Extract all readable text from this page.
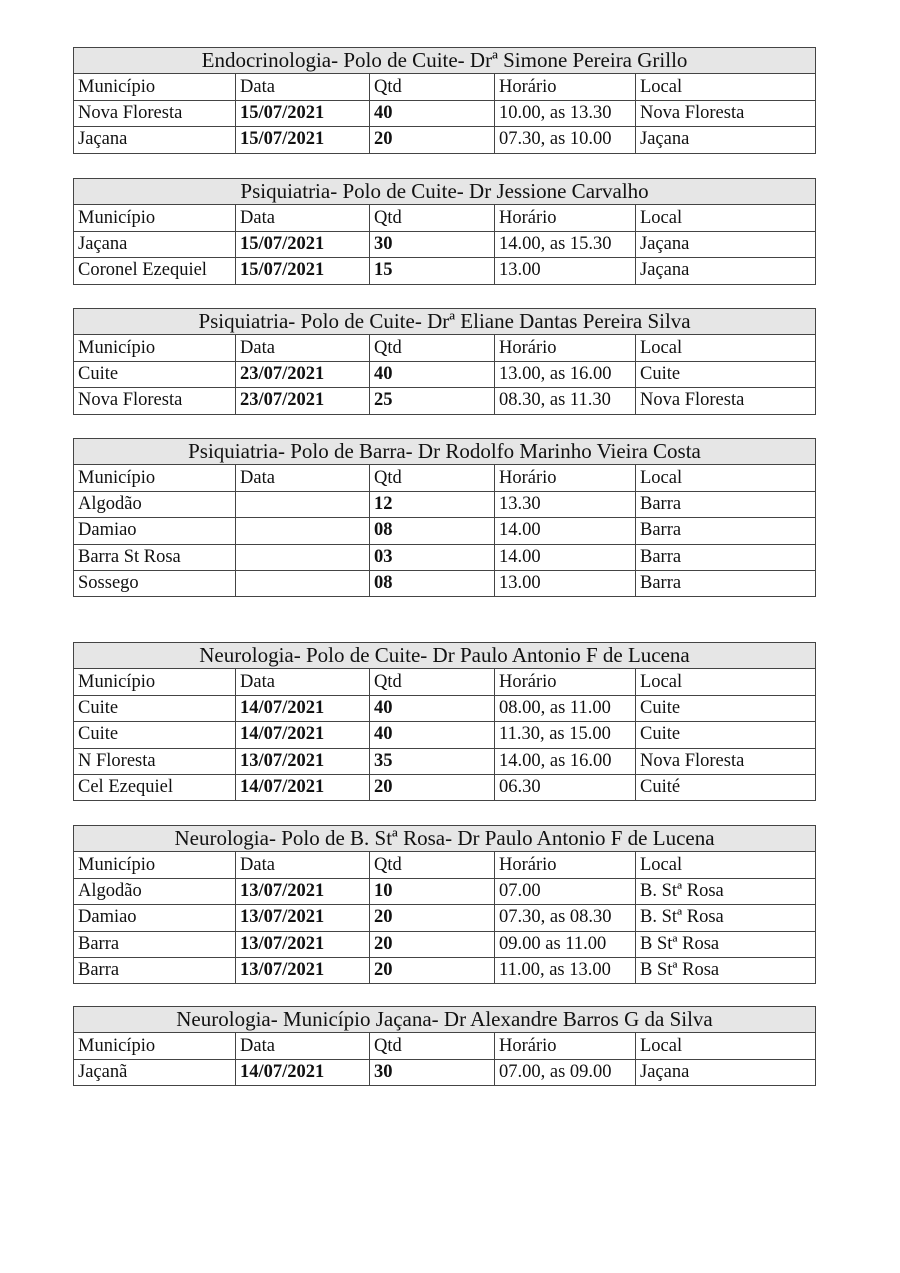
Endocrinologia- Polo de Cuite- Drª Simone Pereira Grillo				
Município	Data	Qtd	Horário	Local
Nova Floresta	15/07/2021	40	10.00, as 13.30	Nova Floresta
Jaçana	15/07/2021	20	07.30, as 10.00	Jaçana
Psiquiatria- Polo de Cuite- Dr Jessione Carvalho				
Município	Data	Qtd	Horário	Local
Jaçana	15/07/2021	30	14.00, as 15.30	Jaçana
Coronel Ezequiel	15/07/2021	15	13.00	Jaçana
Psiquiatria- Polo de Cuite- Drª Eliane Dantas Pereira Silva				
Município	Data	Qtd	Horário	Local
Cuite	23/07/2021	40	13.00, as 16.00	Cuite
Nova Floresta	23/07/2021	25	08.30, as 11.30	Nova Floresta
Psiquiatria- Polo de Barra- Dr Rodolfo Marinho Vieira Costa				
Município	Data	Qtd	Horário	Local
Algodão		12	13.30	Barra
Damiao		08	14.00	Barra
Barra St Rosa		03	14.00	Barra
Sossego		08	13.00	Barra
Neurologia- Polo de Cuite- Dr Paulo Antonio F de Lucena				
Município	Data	Qtd	Horário	Local
Cuite	14/07/2021	40	08.00, as 11.00	Cuite
Cuite	14/07/2021	40	11.30, as 15.00	Cuite
N Floresta	13/07/2021	35	14.00, as 16.00	Nova Floresta
Cel Ezequiel	14/07/2021	20	06.30	Cuité
Neurologia- Polo de B. Stª Rosa- Dr Paulo Antonio F de Lucena				
Município	Data	Qtd	Horário	Local
Algodão	13/07/2021	10	07.00	B. Stª Rosa
Damiao	13/07/2021	20	07.30, as 08.30	B. Stª Rosa
Barra	13/07/2021	20	09.00 as 11.00	B Stª Rosa
Barra	13/07/2021	20	11.00, as 13.00	B Stª Rosa
Neurologia- Município Jaçana- Dr Alexandre Barros G da Silva				
Município	Data	Qtd	Horário	Local
Jaçanã	14/07/2021	30	07.00, as 09.00	Jaçana
